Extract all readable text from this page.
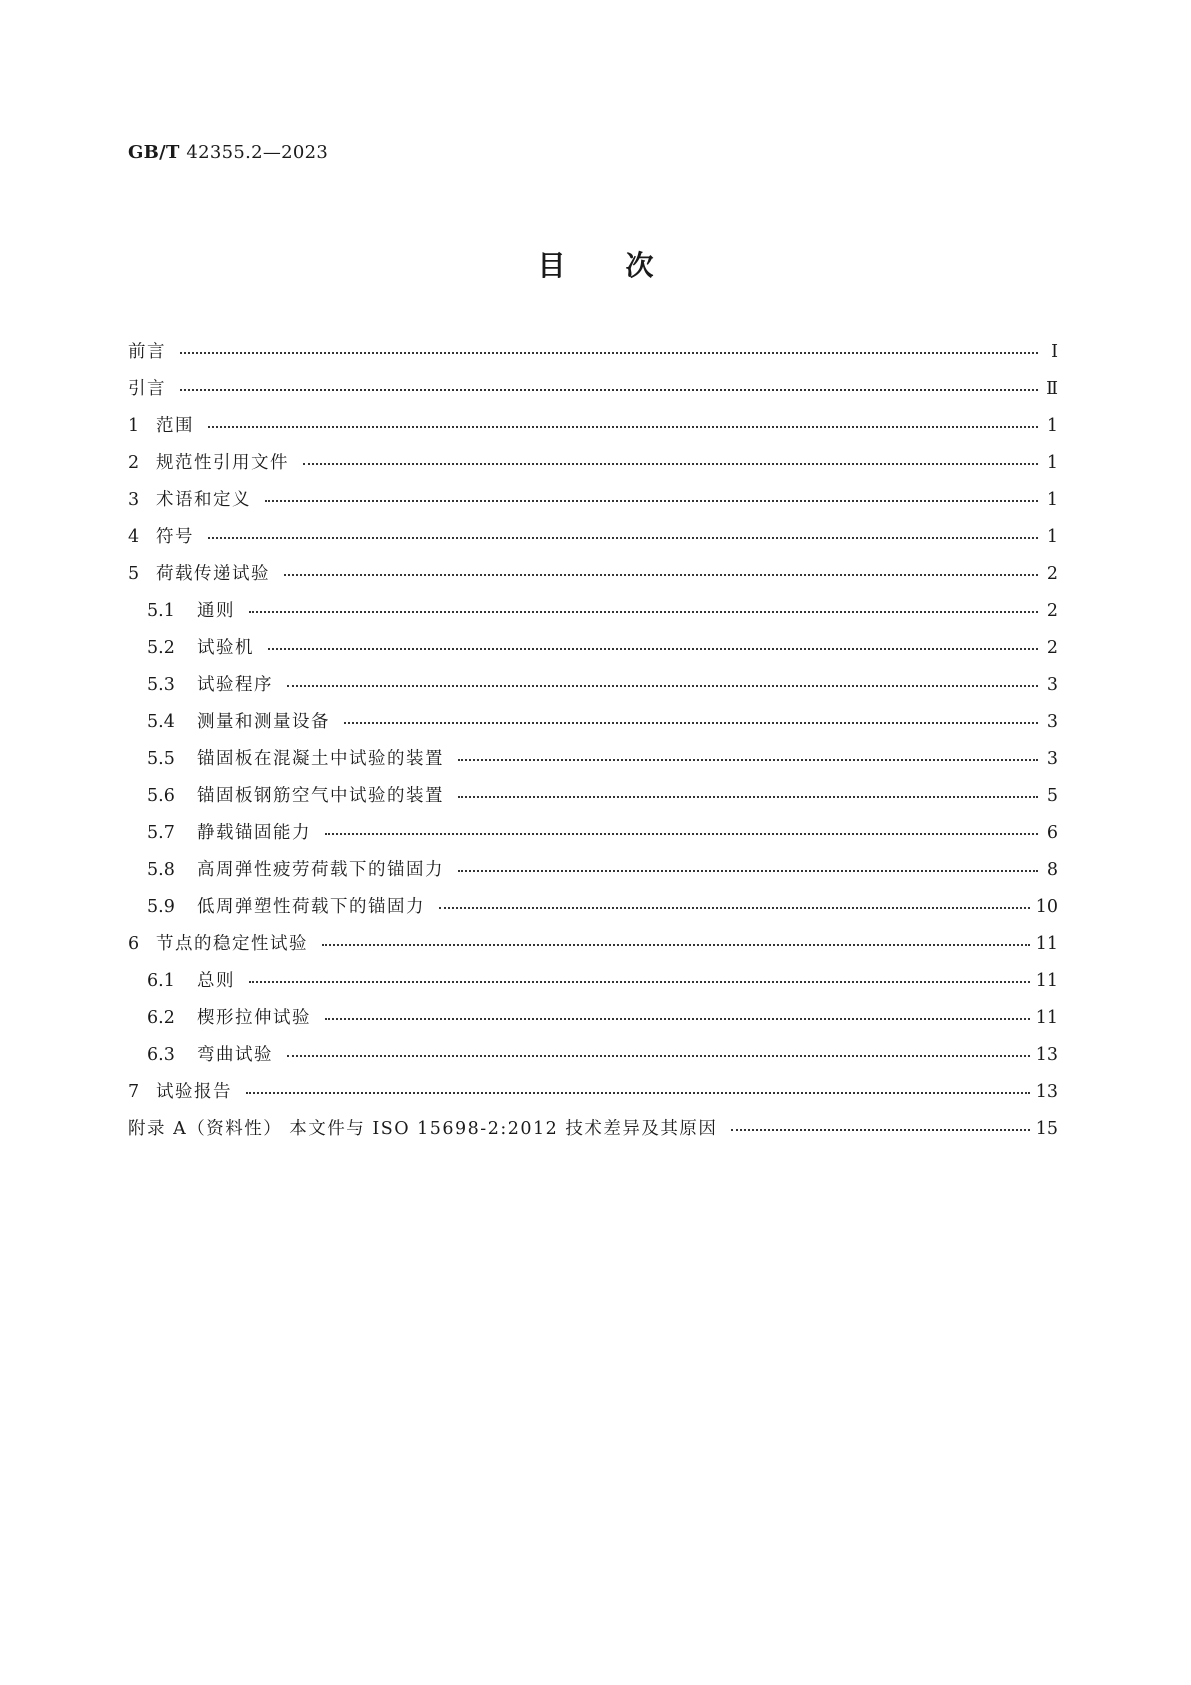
GB/T 42355.2—2023
目次
前言	Ⅰ
引言	Ⅱ
1 范围	1
2 规范性引用文件	1
3 术语和定义	1
4 符号	1
5 荷载传递试验	2
5.1	通则	2
5.2	试验机	2
5.3	试验程序	3
5.4	测量和测量设备	3
5.5	锚固板在混凝土中试验的装置	3
5.6	锚固板钢筋空气中试验的装置	5
5.7	静载锚固能力	6
5.8	高周弹性疲劳荷载下的锚固力	8
5.9	低周弹塑性荷载下的锚固力	10
6 节点的稳定性试验	11
6.1	总则	11
6.2	楔形拉伸试验	11
6.3	弯曲试验	13
7 试验报告	13
附录 A（资料性） 本文件与 ISO 15698-2:2012 技术差异及其原因	15
